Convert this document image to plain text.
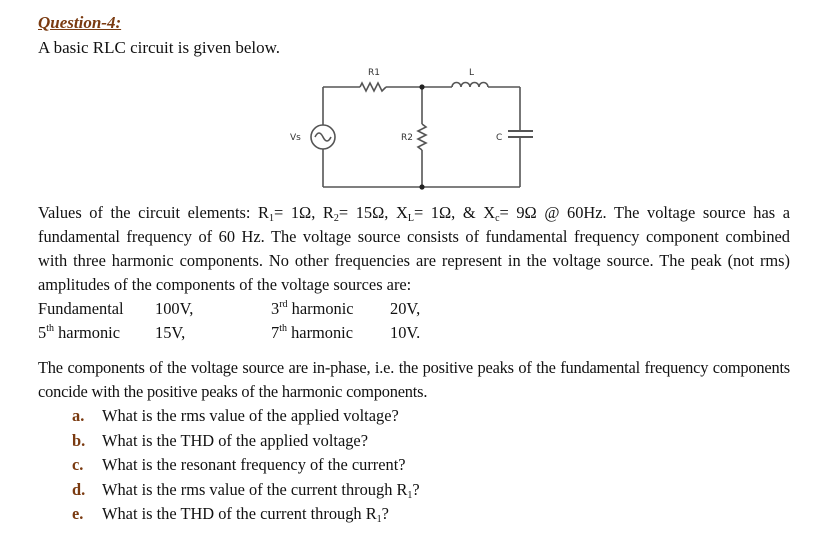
Question-4:
A basic RLC circuit is given below.
R1	L
Vs	R2	C
Values of the circuit elements: $R_1= 1\Omega$, $R_2= 15\Omega$, $X_L= 1\Omega$, & $X_c= 9\Omega$ @ 60Hz. The voltage source has a fundamental frequency of 60 Hz. The voltage source consists of fundamental frequency component combined with three harmonic components. No other frequencies are represent in the voltage source. The peak (not rms) amplitudes of the components of the voltage sources are:
Fundamental 100V,	3rd harmonic 20V,
5th harmonic 15V,	7th harmonic 10V.
The components of the voltage source are in-phase, i.e. the positive peaks of the fundamental frequency components concide with the positive peaks of the harmonic components.
a.	What is the rms value of the applied voltage?
b.	What is the THD of the applied voltage?
c.	What is the resonant frequency of the current?
d.	What is the rms value of the current through $R_1$?
e.	What is the THD of the current through $R_1$?
